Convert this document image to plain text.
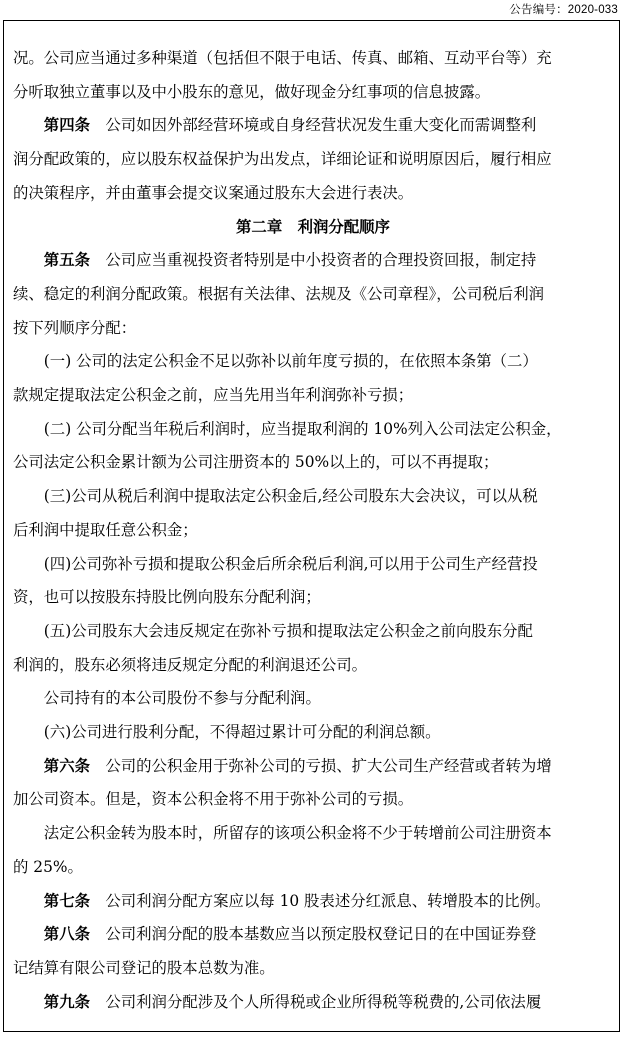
公告编号：2020-033

况。公司应当通过多种渠道（包括但不限于电话、传真、邮箱、互动平台等）充

分听取独立董事以及中小股东的意见，做好现金分红事项的信息披露。

第四条　公司如因外部经营环境或自身经营状况发生重大变化而需调整利

润分配政策的，应以股东权益保护为出发点，详细论证和说明原因后，履行相应

的决策程序，并由董事会提交议案通过股东大会进行表决。

第二章　利润分配顺序

第五条　公司应当重视投资者特别是中小投资者的合理投资回报，制定持

续、稳定的利润分配政策。根据有关法律、法规及《公司章程》，公司税后利润

按下列顺序分配：

(一) 公司的法定公积金不足以弥补以前年度亏损的，在依照本条第（二）

款规定提取法定公积金之前，应当先用当年利润弥补亏损；

(二) 公司分配当年税后利润时，应当提取利润的 10%列入公司法定公积金，

公司法定公积金累计额为公司注册资本的 50%以上的，可以不再提取；

(三)公司从税后利润中提取法定公积金后,经公司股东大会决议，可以从税

后利润中提取任意公积金；

(四)公司弥补亏损和提取公积金后所余税后利润,可以用于公司生产经营投

资，也可以按股东持股比例向股东分配利润；

(五)公司股东大会违反规定在弥补亏损和提取法定公积金之前向股东分配

利润的，股东必须将违反规定分配的利润退还公司。

公司持有的本公司股份不参与分配利润。

(六)公司进行股利分配，不得超过累计可分配的利润总额。

第六条　公司的公积金用于弥补公司的亏损、扩大公司生产经营或者转为增

加公司资本。但是，资本公积金将不用于弥补公司的亏损。

法定公积金转为股本时，所留存的该项公积金将不少于转增前公司注册资本

的 25%。

第七条　公司利润分配方案应以每 10 股表述分红派息、转增股本的比例。

第八条　公司利润分配的股本基数应当以预定股权登记日的在中国证券登

记结算有限公司登记的股本总数为准。

第九条　公司利润分配涉及个人所得税或企业所得税等税费的,公司依法履
